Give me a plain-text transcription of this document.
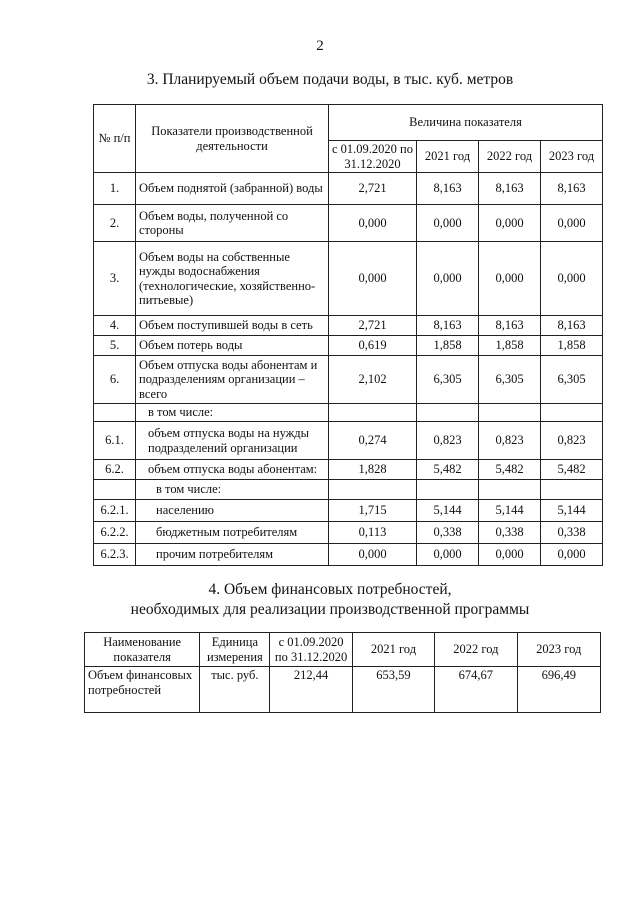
2
3. Планируемый объем подачи воды, в тыс. куб. метров
№ п/п	Показатели производственной деятельности	Величина показателя			
		с 01.09.2020 по 31.12.2020	2021 год	2022 год	2023 год
1.	Объем поднятой (забранной) воды	2,721	8,163	8,163	8,163
2.	Объем воды, полученной со стороны	0,000	0,000	0,000	0,000
3.	Объем воды на собственные нужды водоснабжения (технологические, хозяйственно-питьевые)	0,000	0,000	0,000	0,000
4.	Объем поступившей воды в сеть	2,721	8,163	8,163	8,163
5.	Объем потерь воды	0,619	1,858	1,858	1,858
6.	Объем отпуска воды абонентам и подразделениям организации – всего	2,102	6,305	6,305	6,305
	в том числе:				
6.1.	объем отпуска воды на нужды подразделений организации	0,274	0,823	0,823	0,823
6.2.	объем отпуска воды абонентам:	1,828	5,482	5,482	5,482
	в том числе:				
6.2.1.	населению	1,715	5,144	5,144	5,144
6.2.2.	бюджетным потребителям	0,113	0,338	0,338	0,338
6.2.3.	прочим потребителям	0,000	0,000	0,000	0,000
4. Объем финансовых потребностей,
необходимых для реализации производственной программы
Наименование показателя	Единица измерения	с 01.09.2020 по 31.12.2020	2021 год	2022 год	2023 год
Объем финансовых потребностей	тыс. руб.	212,44	653,59	674,67	696,49
